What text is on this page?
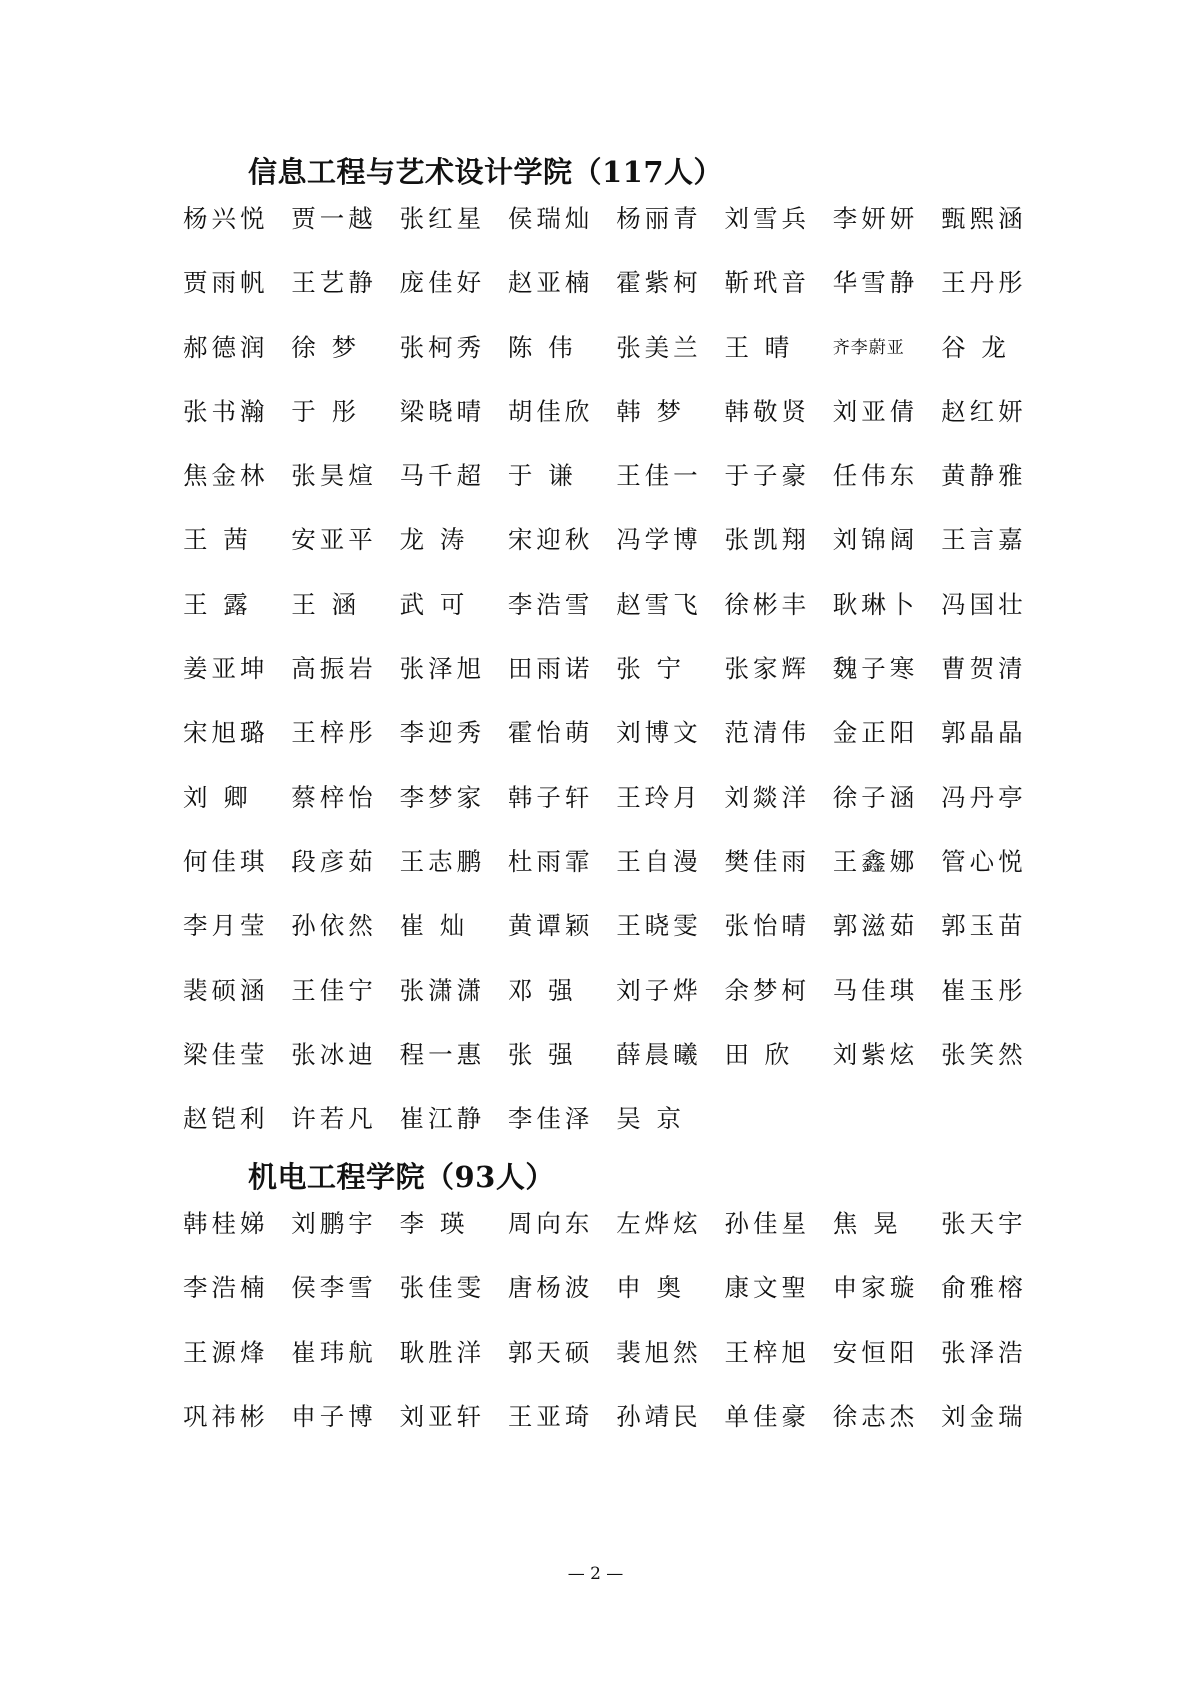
信息工程与艺术设计学院（117人）
杨兴悦 贾一越 张红星 侯瑞灿 杨丽青 刘雪兵 李妍妍 甄熙涵
贾雨帆 王艺静 庞佳好 赵亚楠 霍紫柯 靳玳音 华雪静 王丹彤
郝德润 徐 梦	张柯秀 陈 伟	张美兰 王 晴	齐李蔚亚	谷 龙
张书瀚 于 彤	梁晓晴 胡佳欣 韩 梦	韩敬贤 刘亚倩 赵红妍
焦金林 张昊煊 马千超 于 谦	王佳一 于子豪 任伟东 黄静雅
王 茜	安亚平 龙 涛	宋迎秋 冯学博 张凯翔 刘锦阔 王言嘉
王 露	王 涵	武 可	李浩雪 赵雪飞 徐彬丰 耿琳卜 冯国壮
姜亚坤 高振岩 张泽旭 田雨诺 张 宁	张家辉 魏子寒 曹贺清
宋旭璐 王梓彤 李迎秀 霍怡萌 刘博文 范清伟 金正阳 郭晶晶
刘 卿	蔡梓怡 李梦家 韩子轩 王玲月 刘燚洋 徐子涵 冯丹亭
何佳琪 段彦茹 王志鹏 杜雨霏 王自漫 樊佳雨 王鑫娜 管心悦
李月莹 孙依然 崔 灿	黄谭颖 王晓雯 张怡晴 郭滋茹 郭玉苗
裴硕涵 王佳宁 张潇潇 邓 强	刘子烨 余梦柯 马佳琪 崔玉彤
梁佳莹 张冰迪 程一惠 张 强	薛晨曦 田 欣	刘紫炫 张笑然
赵铠利 许若凡 崔江静 李佳泽 吴 京
机电工程学院（93人）
韩桂娣 刘鹏宇 李 瑛	周向东 左烨炫 孙佳星 焦 晃	张天宇
李浩楠 侯李雪 张佳雯 唐杨波 申 奥	康文聖 申家璇 俞雅榕
王源烽 崔玮航 耿胜洋 郭天硕 裴旭然 王梓旭 安恒阳 张泽浩
巩祎彬 申子博 刘亚轩 王亚琦 孙靖民 单佳豪 徐志杰 刘金瑞
— 2 —
